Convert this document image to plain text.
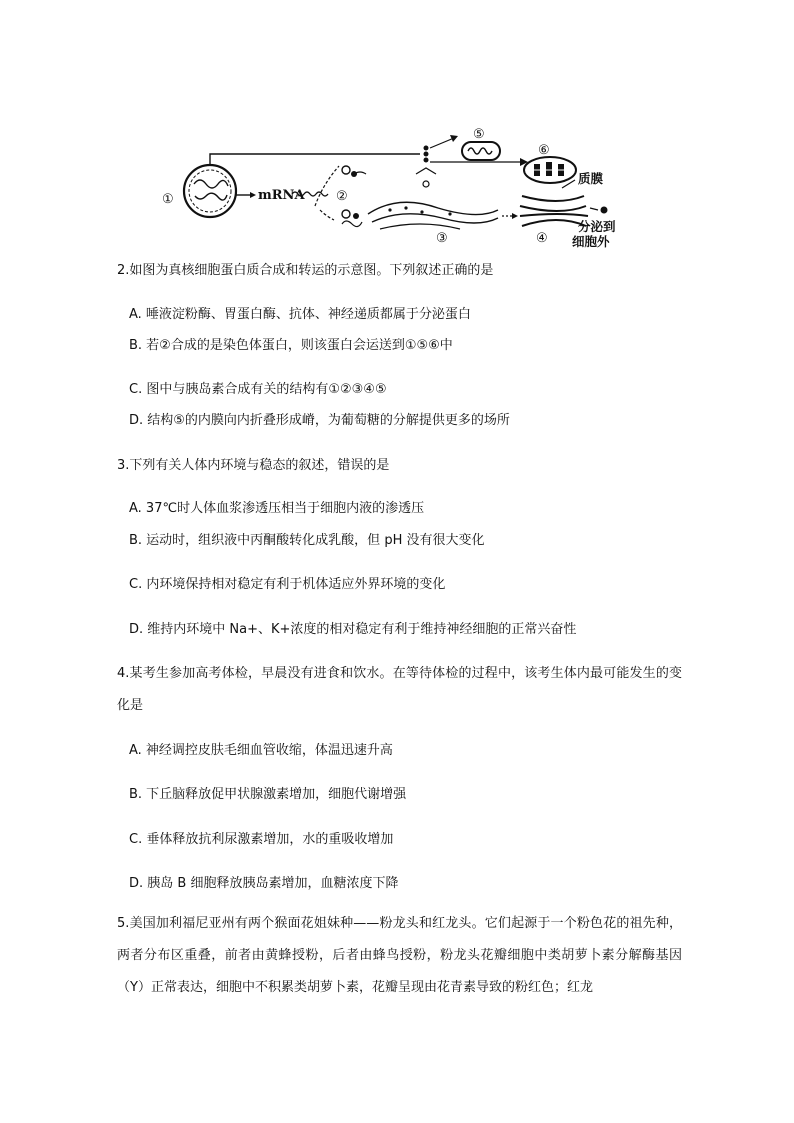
①	mRNA ②
③	④
质膜
分泌到
细胞外
⑤
⑥
2.如图为真核细胞蛋白质合成和转运的示意图。下列叙述正确的是
A. 唾液淀粉酶、胃蛋白酶、抗体、神经递质都属于分泌蛋白
B. 若②合成的是染色体蛋白，则该蛋白会运送到①⑤⑥中
C. 图中与胰岛素合成有关的结构有①②③④⑤
D. 结构⑤的内膜向内折叠形成嵴，为葡萄糖的分解提供更多的场所
3.下列有关人体内环境与稳态的叙述，错误的是
A. 37℃时人体血浆渗透压相当于细胞内液的渗透压
B. 运动时，组织液中丙酮酸转化成乳酸，但 pH 没有很大变化
C. 内环境保持相对稳定有利于机体适应外界环境的变化
D. 维持内环境中 Na+、K+浓度的相对稳定有利于维持神经细胞的正常兴奋性
4.某考生参加高考体检，早晨没有进食和饮水。在等待体检的过程中，该考生体内最可能发生的变化是
A. 神经调控皮肤毛细血管收缩，体温迅速升高
B. 下丘脑释放促甲状腺激素增加，细胞代谢增强
C. 垂体释放抗利尿激素增加，水的重吸收增加
D. 胰岛 B 细胞释放胰岛素增加，血糖浓度下降
5.美国加利福尼亚州有两个猴面花姐妹种——粉龙头和红龙头。它们起源于一个粉色花的祖先种，两者分布区重叠，前者由黄蜂授粉，后者由蜂鸟授粉，粉龙头花瓣细胞中类胡萝卜素分解酶基因（Y）正常表达，细胞中不积累类胡萝卜素，花瓣呈现由花青素导致的粉红色；红龙
